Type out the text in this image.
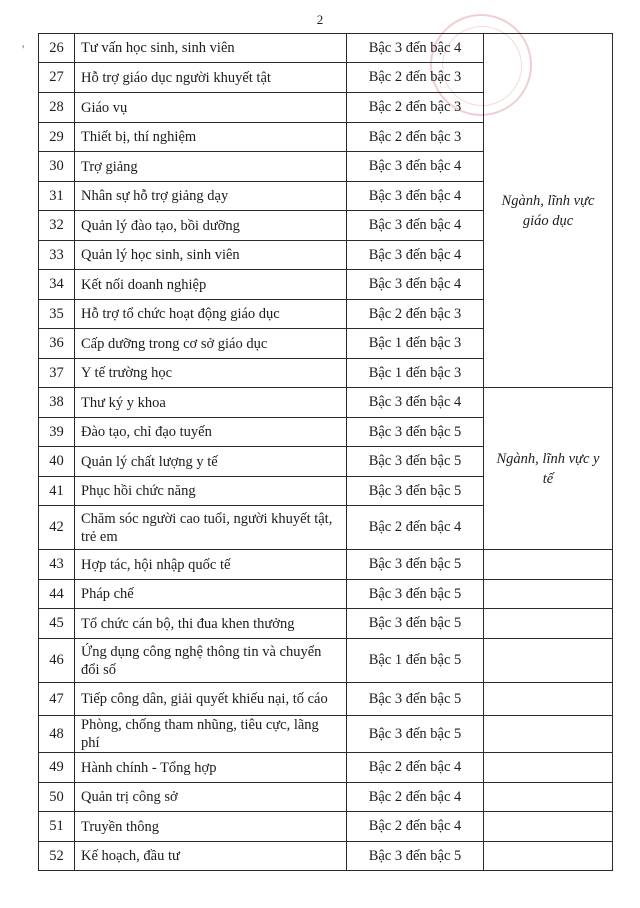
2
' 26	Tư vấn học sinh, sinh viên	Bậc 3 đến bậc 4	Ngành, lĩnh vực giáo dục
27	Hỗ trợ giáo dục người khuyết tật	Bậc 2 đến bậc 3	
28	Giáo vụ	Bậc 2 đến bậc 3	
29	Thiết bị, thí nghiệm	Bậc 2 đến bậc 3	
30	Trợ giảng	Bậc 3 đến bậc 4	
31	Nhân sự hỗ trợ giảng dạy	Bậc 3 đến bậc 4	
32	Quản lý đào tạo, bồi dưỡng	Bậc 3 đến bậc 4	
33	Quản lý học sinh, sinh viên	Bậc 3 đến bậc 4	
34	Kết nối doanh nghiệp	Bậc 3 đến bậc 4	
35	Hỗ trợ tổ chức hoạt động giáo dục	Bậc 2 đến bậc 3	
36	Cấp dưỡng trong cơ sở giáo dục	Bậc 1 đến bậc 3	
37	Y tế trường học	Bậc 1 đến bậc 3	
38	Thư ký y khoa	Bậc 3 đến bậc 4	Ngành, lĩnh vực y tế
39	Đào tạo, chỉ đạo tuyến	Bậc 3 đến bậc 5	
40	Quản lý chất lượng y tế	Bậc 3 đến bậc 5	
41	Phục hồi chức năng	Bậc 3 đến bậc 5	
42	Chăm sóc người cao tuổi, người khuyết tật, trẻ em	Bậc 2 đến bậc 4	
43	Hợp tác, hội nhập quốc tế	Bậc 3 đến bậc 5	
44	Pháp chế	Bậc 3 đến bậc 5	
45	Tổ chức cán bộ, thi đua khen thưởng	Bậc 3 đến bậc 5	
46	Ứng dụng công nghệ thông tin và chuyển đổi số	Bậc 1 đến bậc 5	
47	Tiếp công dân, giải quyết khiếu nại, tố cáo	Bậc 3 đến bậc 5	
48	Phòng, chống tham nhũng, tiêu cực, lãng phí	Bậc 3 đến bậc 5	
49	Hành chính - Tổng hợp	Bậc 2 đến bậc 4	
50	Quản trị công sở	Bậc 2 đến bậc 4	
51	Truyền thông	Bậc 2 đến bậc 4	
52	Kế hoạch, đầu tư	Bậc 3 đến bậc 5	
